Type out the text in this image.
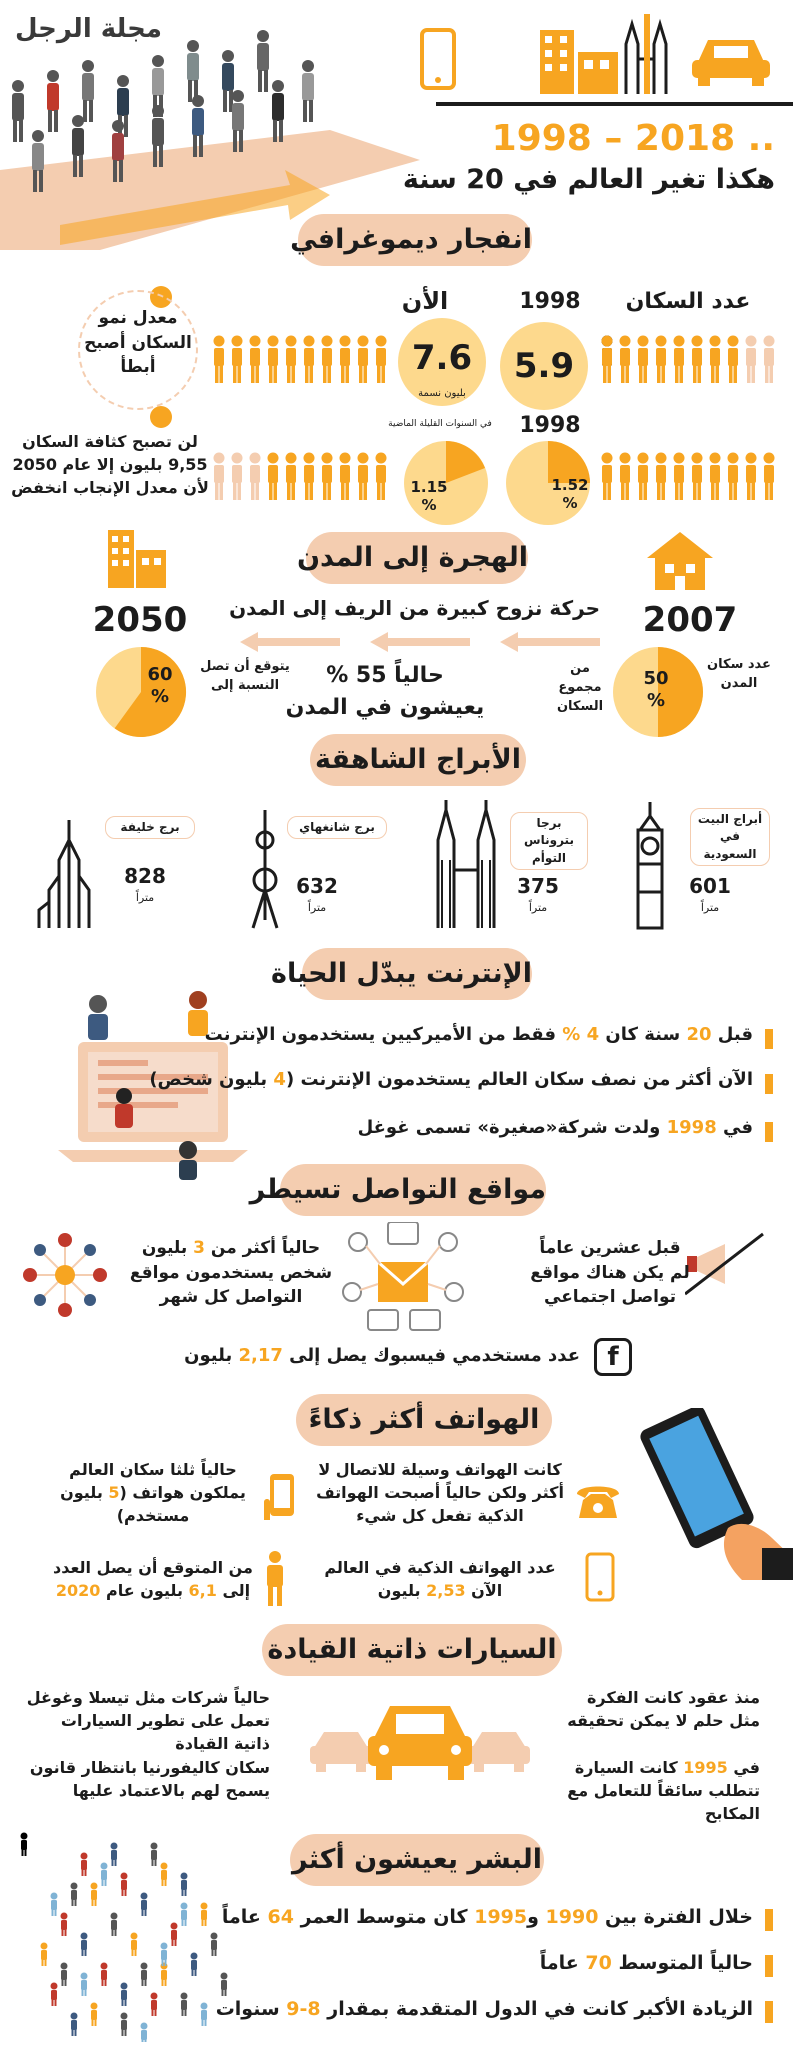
مجلة الرجل
1998 – 2018 ..
هكذا تغير العالم في 20 سنة
انفجار ديموغرافي
عدد السكان
1998
الأن
5.9
7.6
بليون نسمة
معدل نمو السكان أصبح أبطأ
1998
في السنوات القليلة الماضية
1.52
%
1.15
%
لن تصبح كثافة السكان 9,55 بليون إلا عام 2050 لأن معدل الإنجاب انخفض
الهجرة إلى المدن
2007
2050	حركة نزوح كبيرة من الريف إلى المدن
حالياً 55 % يعيشون في المدن
عدد سكان المدن
50
%
من مجموع السكان
يتوقع أن تصل النسبة إلى
60
%
الأبراج الشاهقة
أبراج البيت في السعودية
601
متراً
برجا بتروناس التوأم
375
متراً
برج شانغهاي
632
متراً
برج خليفة
828
متراً
الإنترنت يبدّل الحياة
قبل 20 سنة كان 4 % فقط من الأميركيين يستخدمون الإنترنت
الآن أكثر من نصف سكان العالم يستخدمون الإنترنت (4 بليون شخص)
في 1998 ولدت شركة«صغيرة» تسمى غوغل
مواقع التواصل تسيطر
قبل عشرين عاماً لم يكن هناك مواقع تواصل اجتماعي
حالياً أكثر من 3 بليون شخص يستخدمون مواقع التواصل كل شهر
f
عدد مستخدمي فيسبوك يصل إلى 2,17 بليون
الهواتف أكثر ذكاءً
كانت الهواتف وسيلة للاتصال لا أكثر ولكن حالياً أصبحت الهواتف الذكية تفعل كل شيء
حالياً ثلثا سكان العالم يملكون هواتف (5 بليون مستخدم)
عدد الهواتف الذكية في العالم الآن 2,53 بليون
من المتوقع أن يصل العدد إلى 6,1 بليون عام 2020
السيارات ذاتية القيادة
منذ عقود كانت الفكرة مثل حلم لا يمكن تحقيقه
في 1995 كانت السيارة تتطلب سائقاً للتعامل مع المكابح
حالياً شركات مثل تيسلا وغوغل تعمل على تطوير السيارات ذاتية القيادة
سكان كاليفورنيا بانتظار قانون يسمح لهم بالاعتماد عليها
البشر يعيشون أكثر
خلال الفترة بين 1990 و1995 كان متوسط العمر 64 عاماً
حالياً المتوسط 70 عاماً
الزيادة الأكبر كانت في الدول المتقدمة بمقدار 8-9 سنوات
